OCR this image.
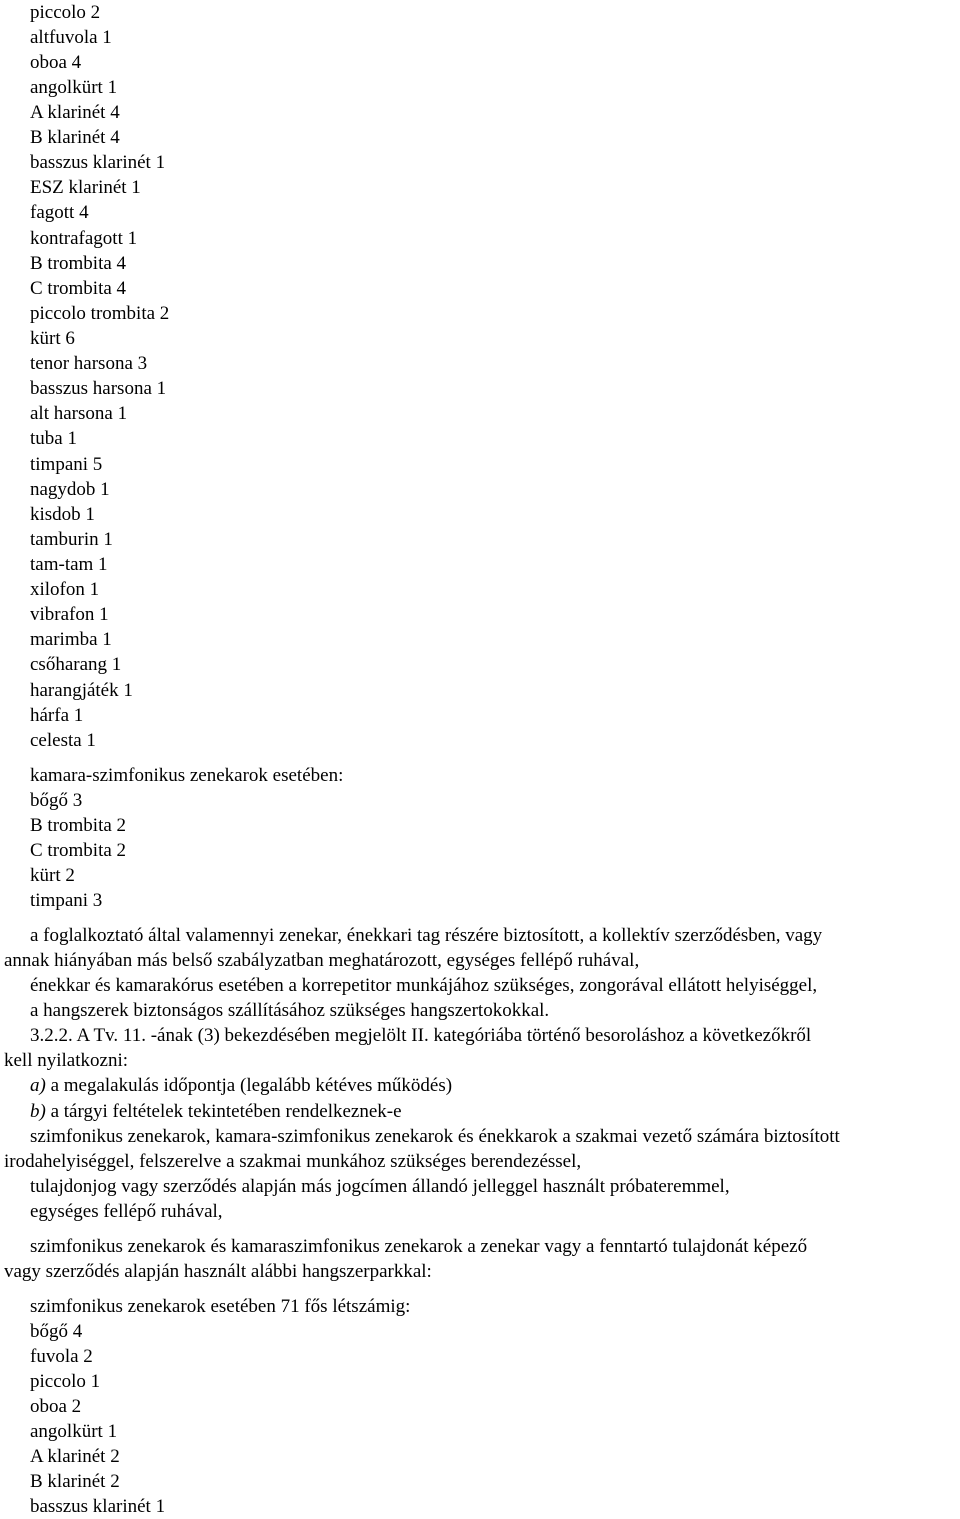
piccolo 2
altfuvola 1
oboa 4
angolkürt 1
A klarinét 4
B klarinét 4
basszus klarinét 1
ESZ klarinét 1
fagott 4
kontrafagott 1
B trombita 4
C trombita 4
piccolo trombita 2
kürt 6
tenor harsona 3
basszus harsona 1
alt harsona 1
tuba 1
timpani 5
nagydob 1
kisdob 1
tamburin 1
tam-tam 1
xilofon 1
vibrafon 1
marimba 1
csőharang 1
harangjáték 1
hárfa 1
celesta 1
kamara-szimfonikus zenekarok esetében:
bőgő 3
B trombita 2
C trombita 2
kürt 2
timpani 3
a foglalkoztató által valamennyi zenekar, énekkari tag részére biztosított, a kollektív szerződésben, vagy
annak hiányában más belső szabályzatban meghatározott, egységes fellépő ruhával,
énekkar és kamarakórus esetében a korrepetitor munkájához szükséges, zongorával ellátott helyiséggel,
a hangszerek biztonságos szállításához szükséges hangszertokokkal.
3.2.2. A Tv. 11. -ának (3) bekezdésében megjelölt II. kategóriába történő besoroláshoz a következőkről
kell nyilatkozni:
a) a megalakulás időpontja (legalább kétéves működés)
b) a tárgyi feltételek tekintetében rendelkeznek-e
szimfonikus zenekarok, kamara-szimfonikus zenekarok és énekkarok a szakmai vezető számára biztosított
irodahelyiséggel, felszerelve a szakmai munkához szükséges berendezéssel,
tulajdonjog vagy szerződés alapján más jogcímen állandó jelleggel használt próbateremmel,
egységes fellépő ruhával,
szimfonikus zenekarok és kamaraszimfonikus zenekarok a zenekar vagy a fenntartó tulajdonát képező
vagy szerződés alapján használt alábbi hangszerparkkal:
szimfonikus zenekarok esetében 71 fős létszámig:
bőgő 4
fuvola 2
piccolo 1
oboa 2
angolkürt 1
A klarinét 2
B klarinét 2
basszus klarinét 1
